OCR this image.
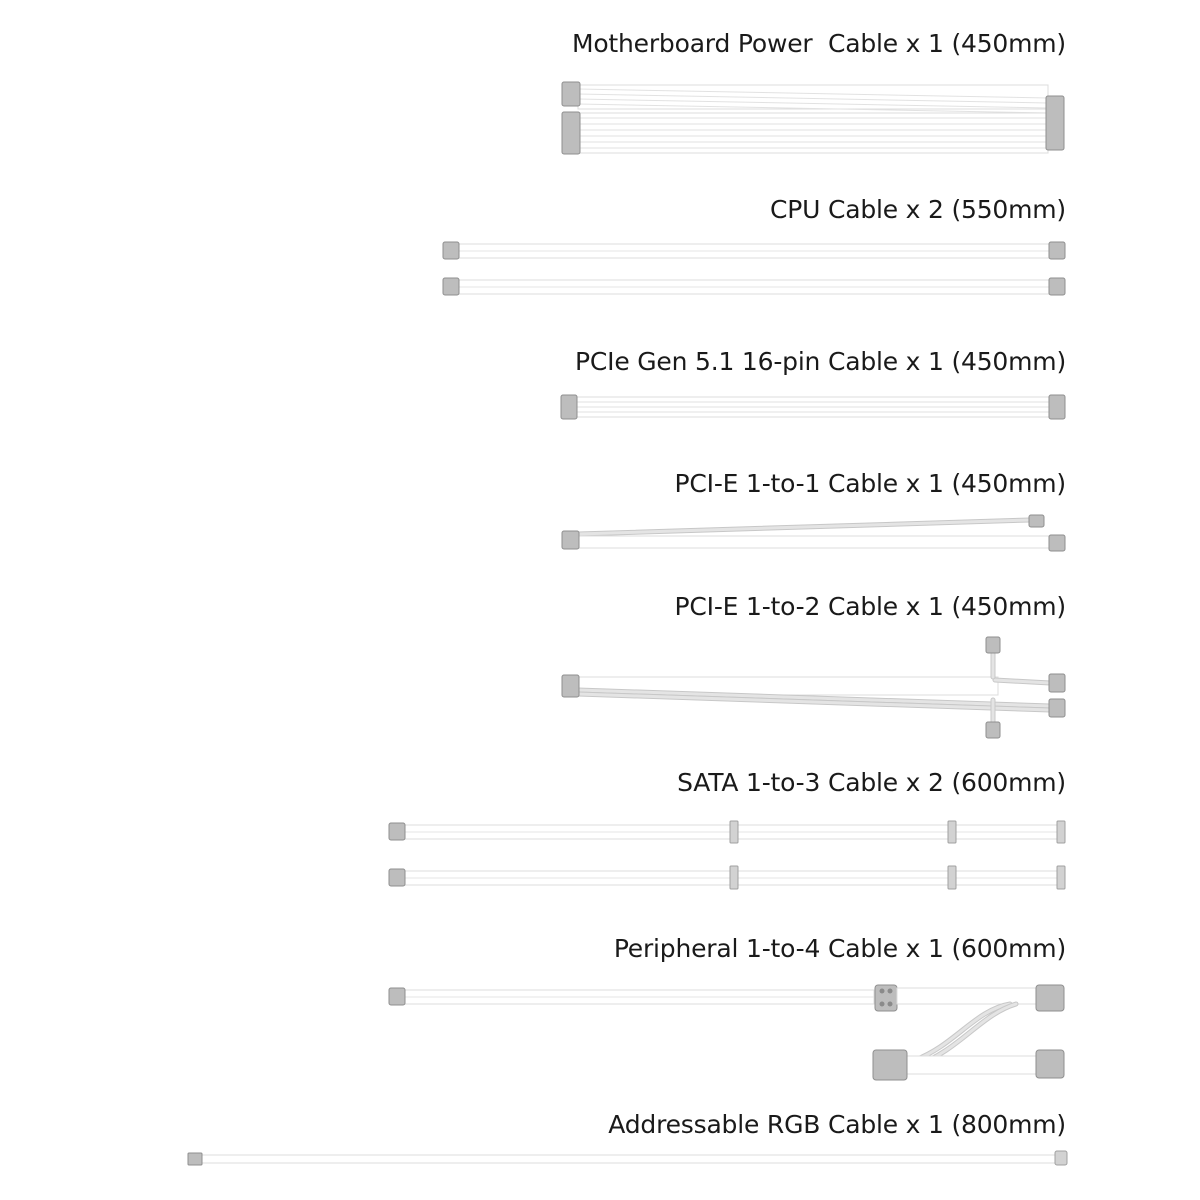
Motherboard Power  Cable x 1 (450mm)
CPU Cable x 2 (550mm)
PCIe Gen 5.1 16-pin Cable x 1 (450mm)
PCI-E 1-to-1 Cable x 1 (450mm)
PCI-E 1-to-2 Cable x 1 (450mm)
SATA 1-to-3 Cable x 2 (600mm)
Peripheral 1-to-4 Cable x 1 (600mm)
Addressable RGB Cable x 1 (800mm)
